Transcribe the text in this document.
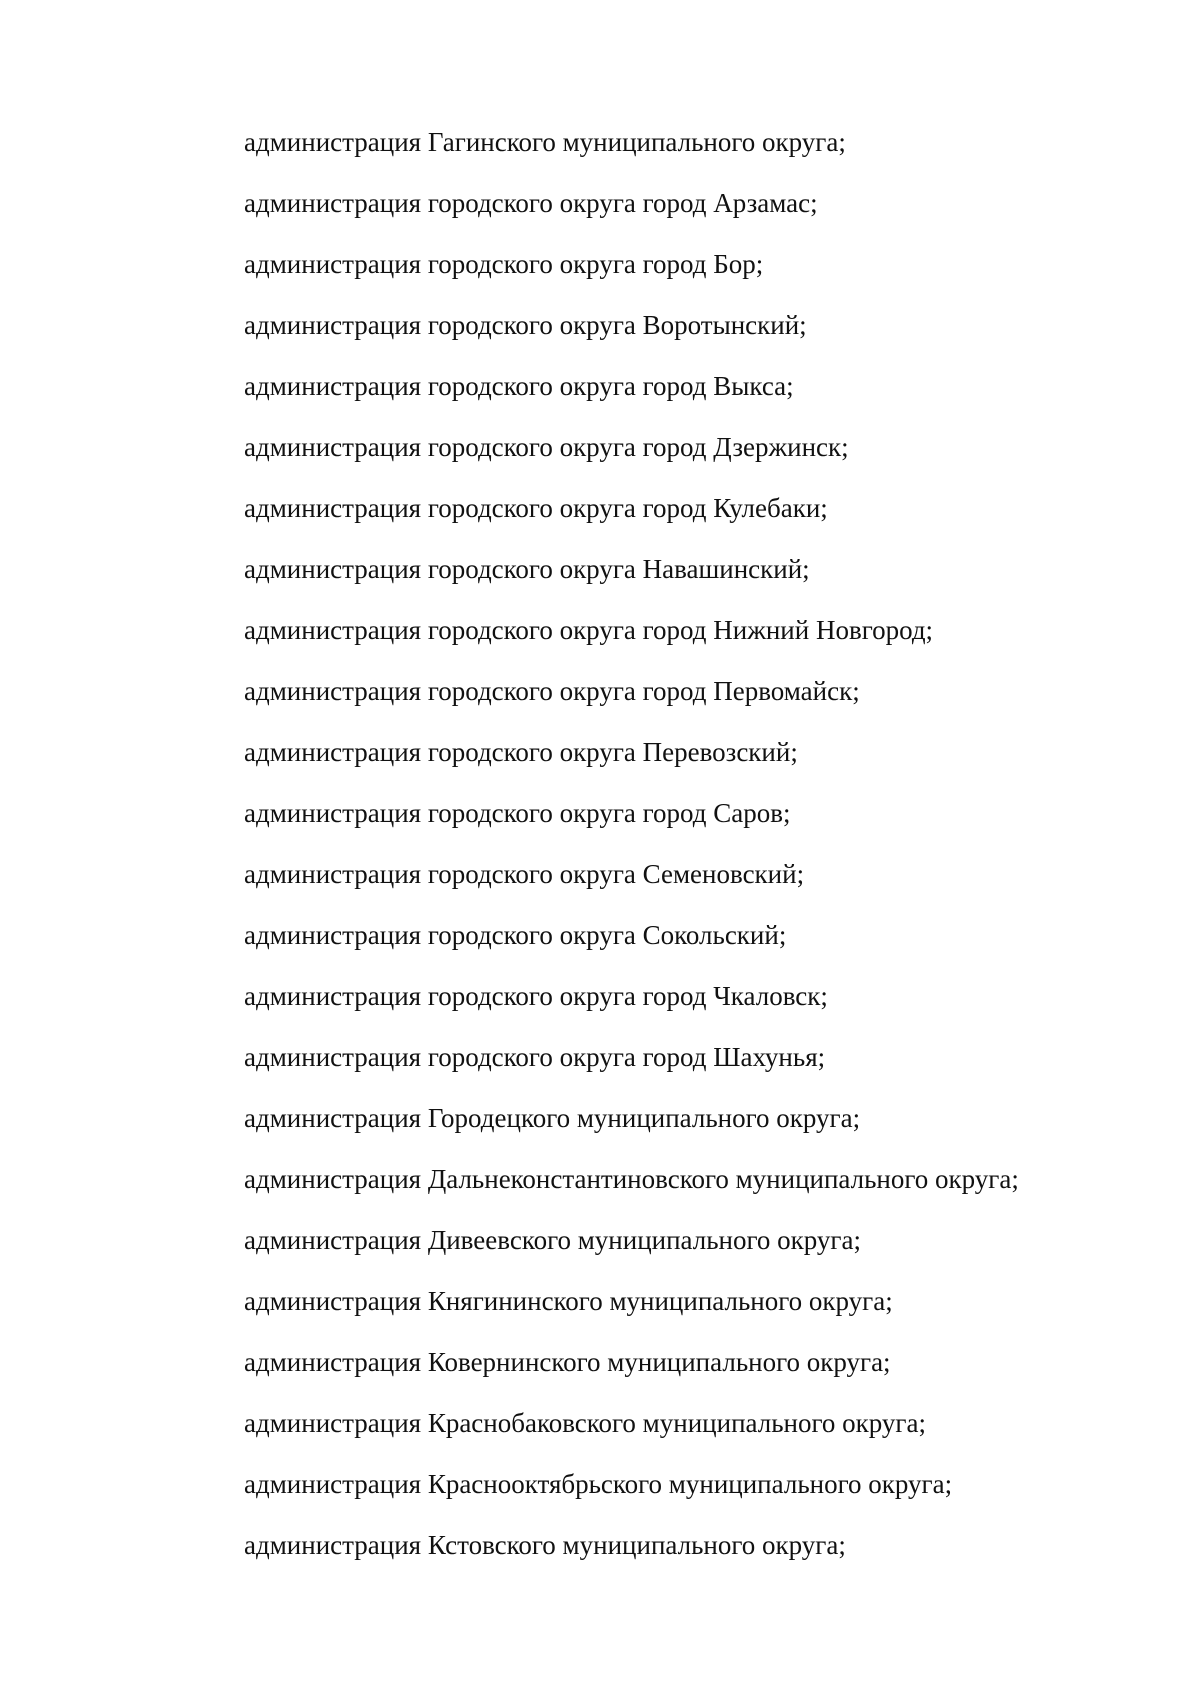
администрация Гагинского муниципального округа;
администрация городского округа город Арзамас;
администрация городского округа город Бор;
администрация городского округа Воротынский;
администрация городского округа город Выкса;
администрация городского округа город Дзержинск;
администрация городского округа город Кулебаки;
администрация городского округа Навашинский;
администрация городского округа город Нижний Новгород;
администрация городского округа город Первомайск;
администрация городского округа Перевозский;
администрация городского округа город Саров;
администрация городского округа Семеновский;
администрация городского округа Сокольский;
администрация городского округа город Чкаловск;
администрация городского округа город Шахунья;
администрация Городецкого муниципального округа;
администрация Дальнеконстантиновского муниципального округа;
администрация Дивеевского муниципального округа;
администрация Княгининского муниципального округа;
администрация Ковернинского муниципального округа;
администрация Краснобаковского муниципального округа;
администрация Краснооктябрьского муниципального округа;
администрация Кстовского муниципального округа;
